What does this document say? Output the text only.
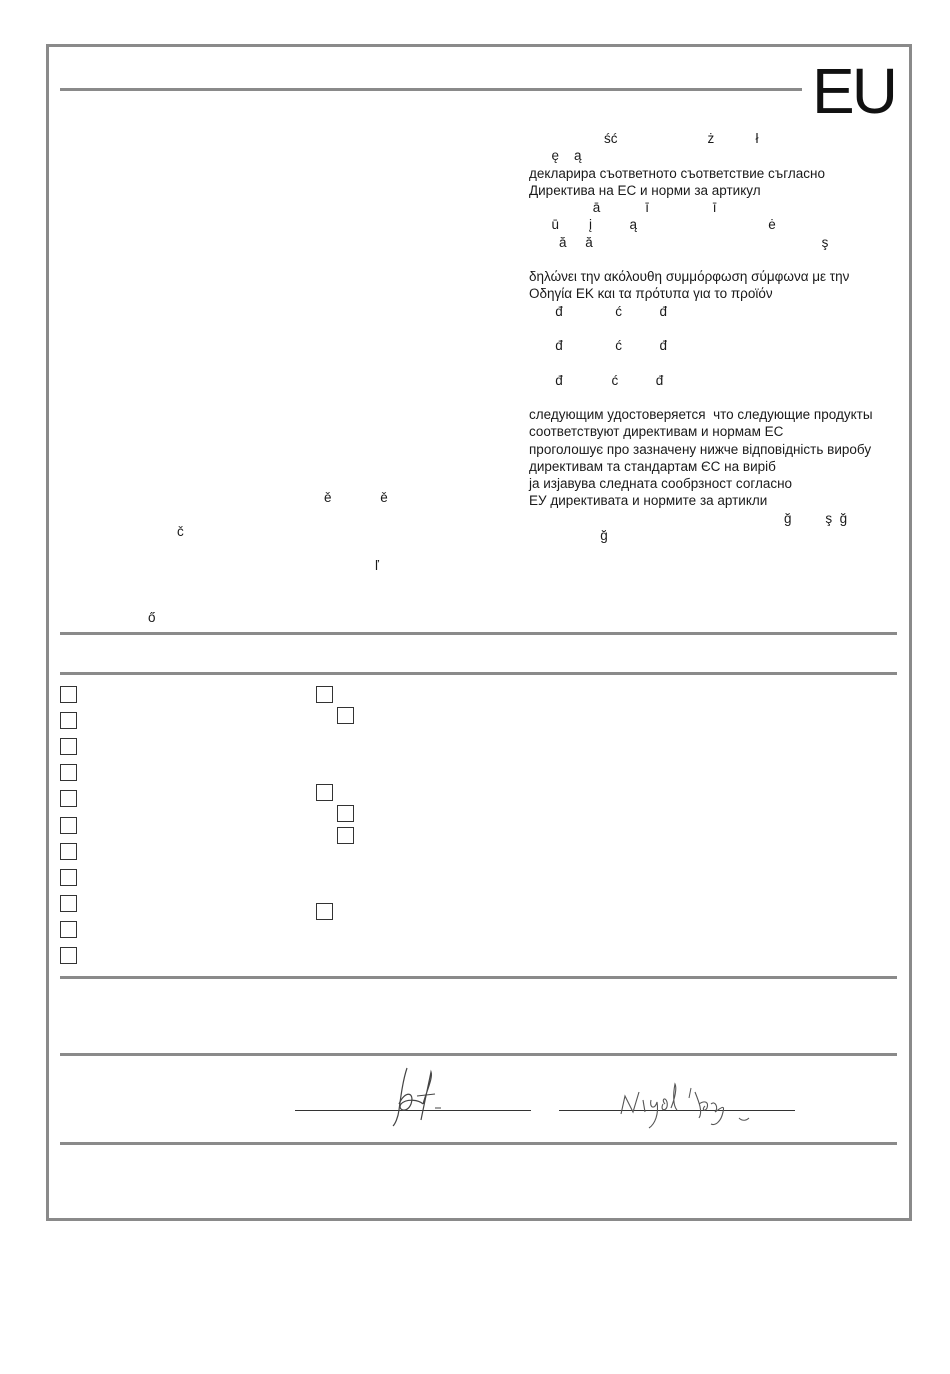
EU
ść                        ż           ł
ę    ą
декларира съответното съответствие съгласно
Директива на ЕС и норми за артикул
ā            ī                 ī
ū        į          ą                                   ė
ă     ă                                                             ş
δηλώνει την ακόλουθη συμμόρφωση σύμφωνα με την
Οδηγία ΕΚ και τα πρότυπα για το προϊόν
đ              ć          đ
đ              ć          đ
đ             ć          đ
следующим удостоверяется  что следующие продукты
соответствуют директивам и нормам ЕС
проголошує про зазначену нижче відповідність виробу
директивам та стандартам ЄС на виріб
ја изјавува следната сообрзност согласно
ЕУ директивата и нормите за артикли
ğ         ş  ğ
ğ
ě             ě
č
ľ
ő
